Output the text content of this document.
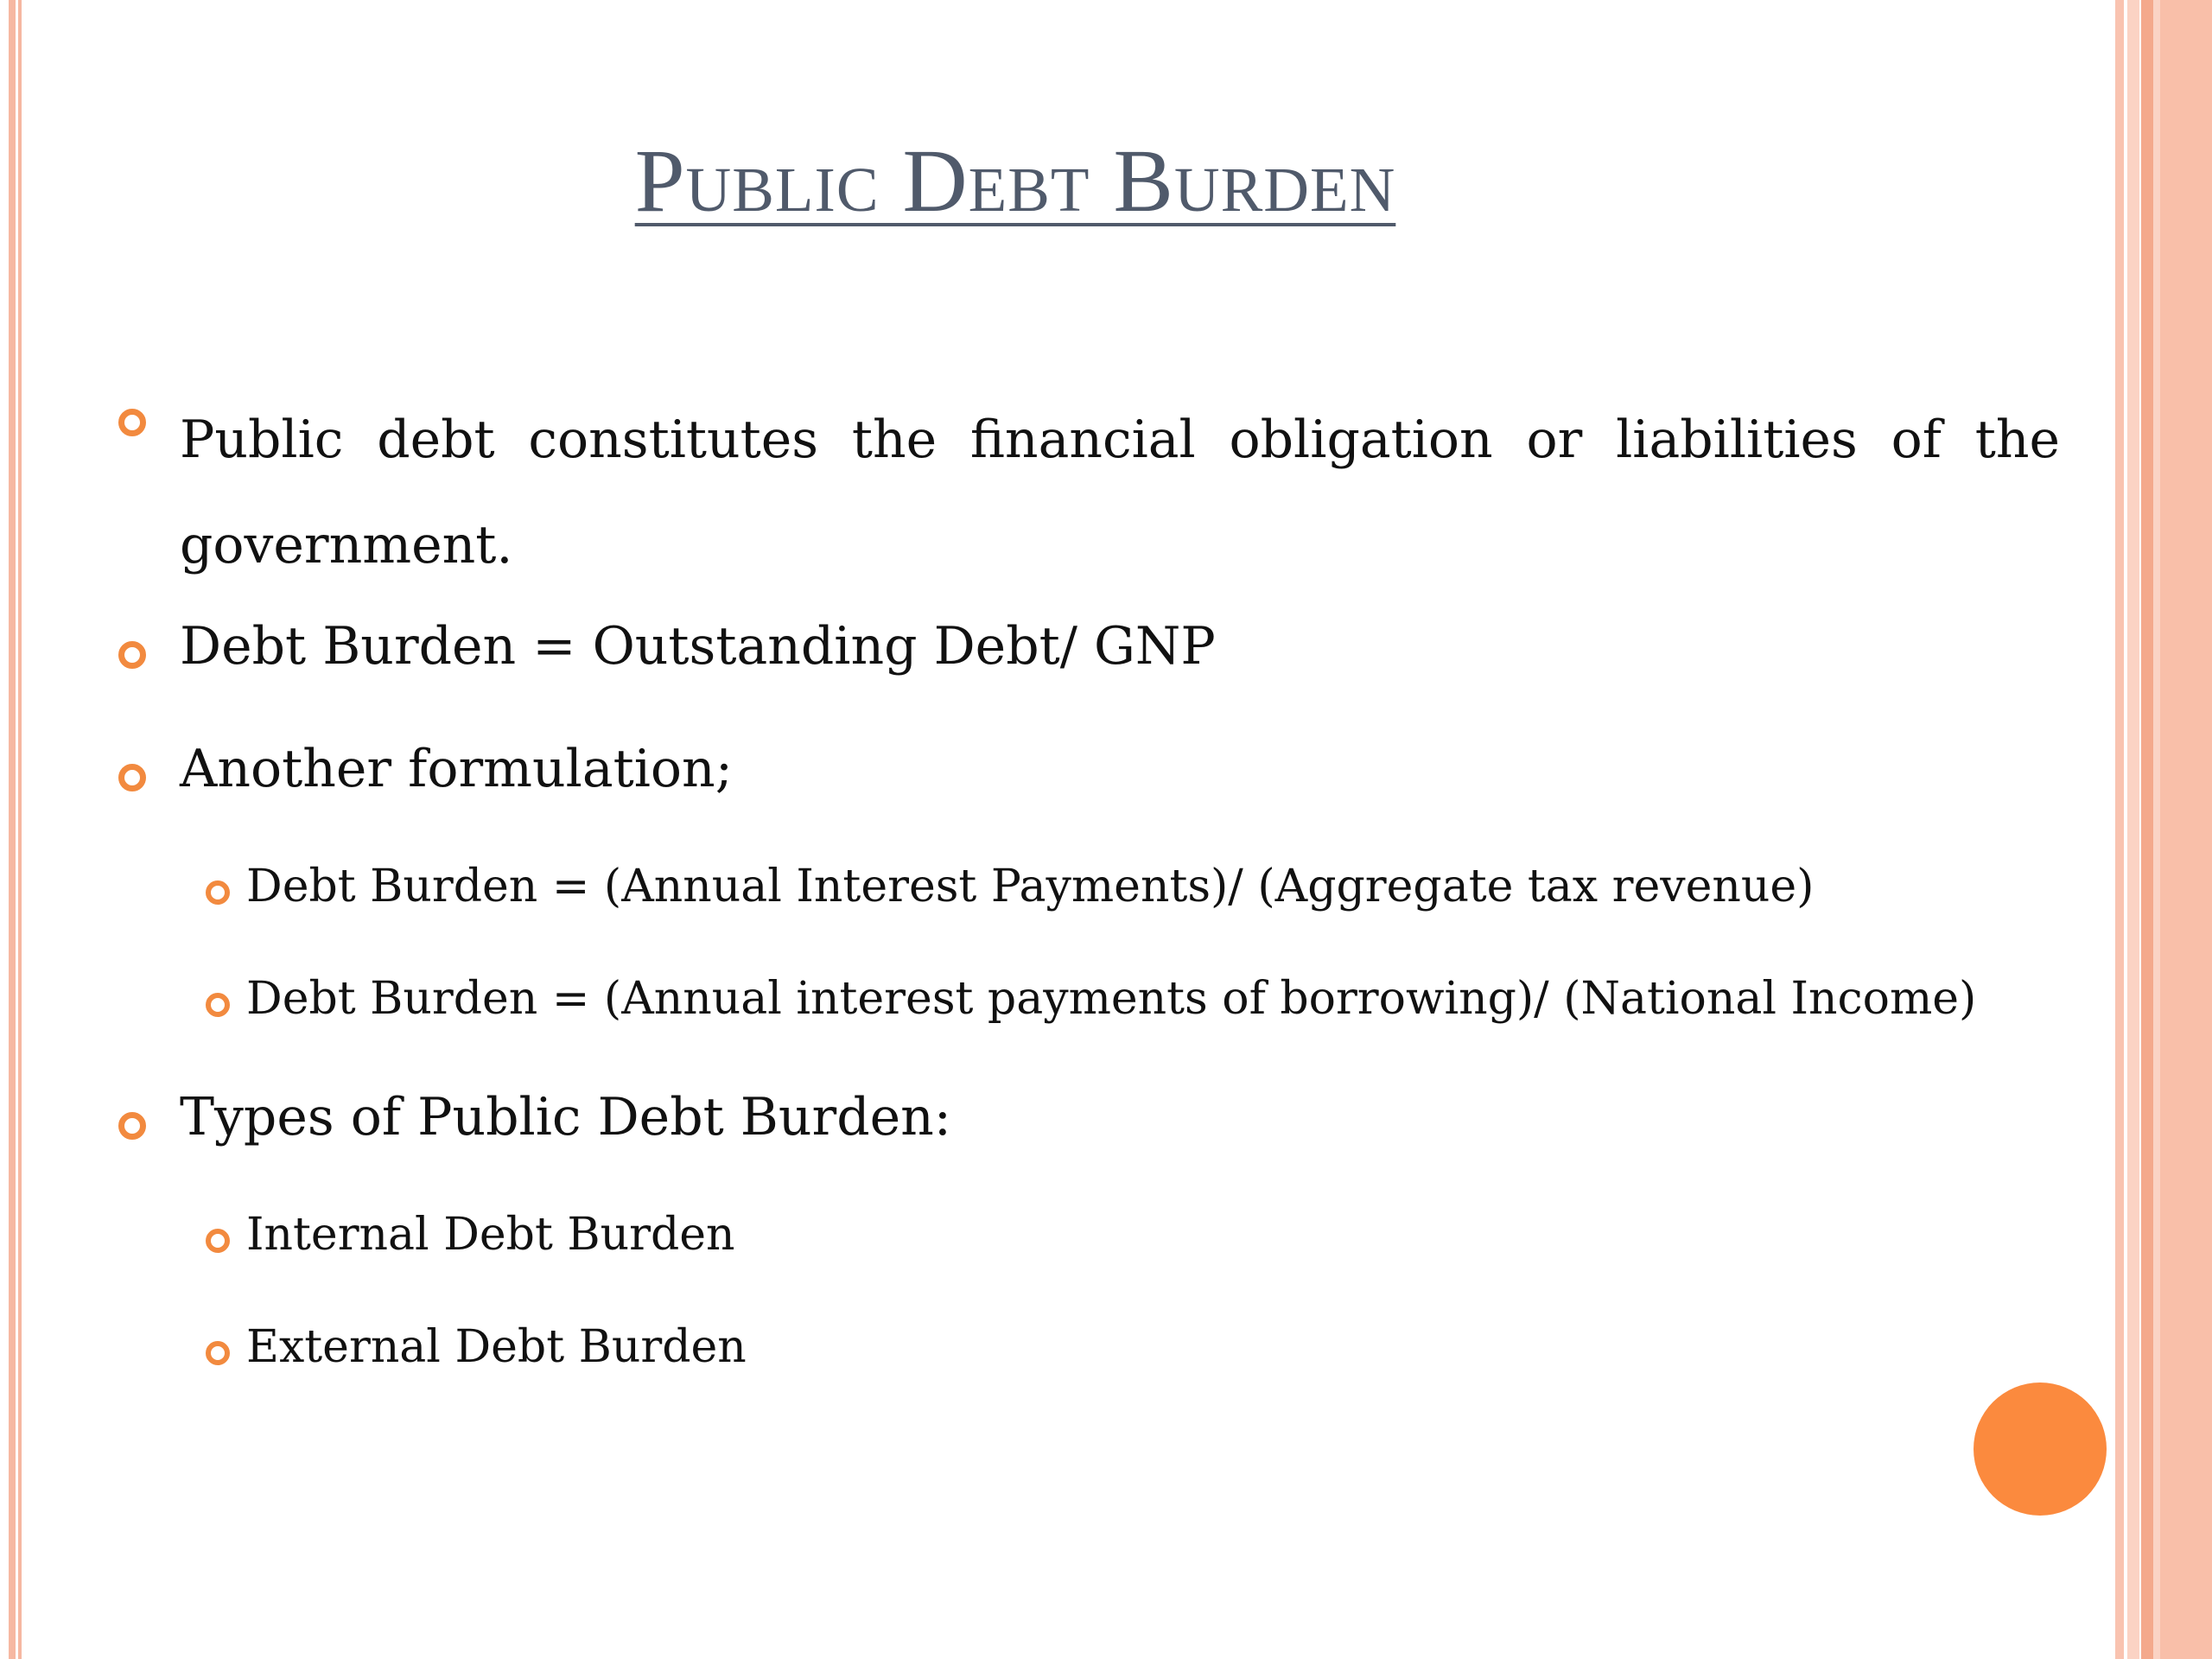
Public Debt Burden
Public debt constitutes the financial obligation or liabilities of the government.
Debt Burden = Outstanding Debt/ GNP
Another formulation;
Debt Burden = (Annual Interest Payments)/ (Aggregate tax revenue)
Debt Burden = (Annual interest payments of borrowing)/ (National Income)
Types of Public Debt Burden:
Internal Debt Burden
External Debt Burden
